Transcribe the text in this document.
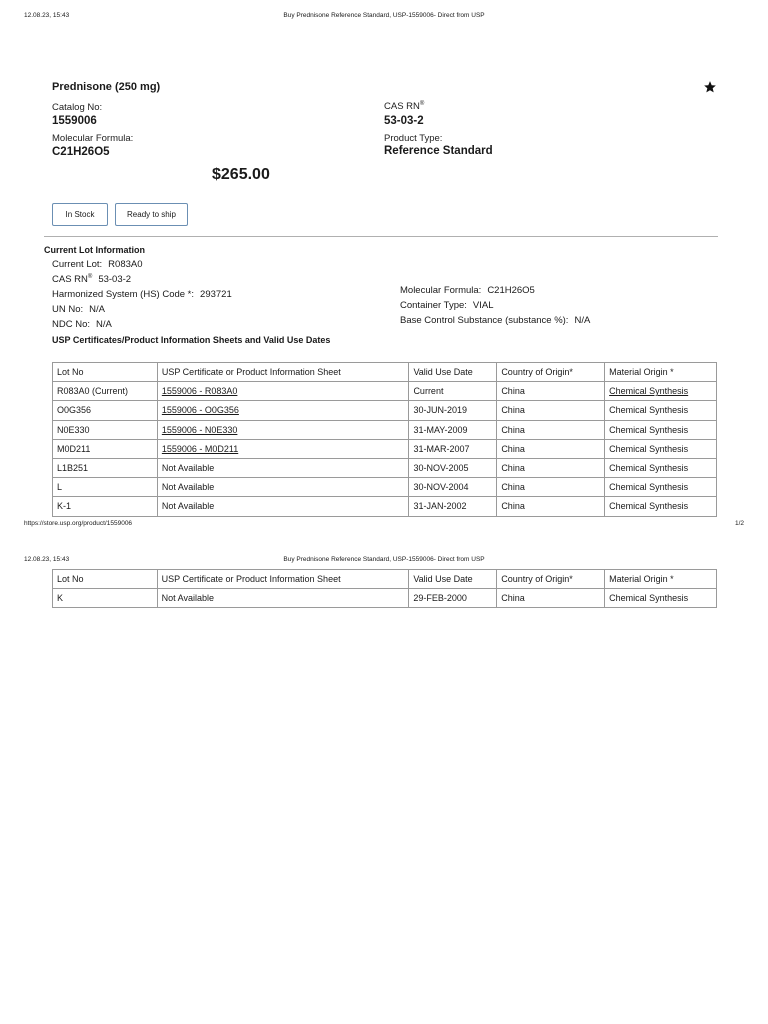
12.08.23, 15:43	Buy Prednisone Reference Standard, USP-1559006- Direct from USP
Prednisone (250 mg)
Catalog No:
1559006
Molecular Formula:
C21H26O5
CAS RN®
53-03-2
Product Type:
Reference Standard
$265.00
In Stock	Ready to ship
Current Lot Information
Current Lot: R083A0
CAS RN® 53-03-2
Harmonized System (HS) Code *: 293721
UN No: N/A
NDC No: N/A
Molecular Formula: C21H26O5
Container Type: VIAL
Base Control Substance (substance %): N/A
USP Certificates/Product Information Sheets and Valid Use Dates
Lot No	USP Certificate or Product Information Sheet	Valid Use Date	Country of Origin*	Material Origin *
R083A0 (Current)	1559006 - R083A0	Current	China	Chemical Synthesis
O0G356	1559006 - O0G356	30-JUN-2019	China	Chemical Synthesis
N0E330	1559006 - N0E330	31-MAY-2009	China	Chemical Synthesis
M0D211	1559006 - M0D211	31-MAR-2007	China	Chemical Synthesis
L1B251	Not Available	30-NOV-2005	China	Chemical Synthesis
L	Not Available	30-NOV-2004	China	Chemical Synthesis
K-1	Not Available	31-JAN-2002	China	Chemical Synthesis
https://store.usp.org/product/1559006	1/2
12.08.23, 15:43	Buy Prednisone Reference Standard, USP-1559006- Direct from USP
Lot No	USP Certificate or Product Information Sheet	Valid Use Date	Country of Origin*	Material Origin *
K	Not Available	29-FEB-2000	China	Chemical Synthesis
